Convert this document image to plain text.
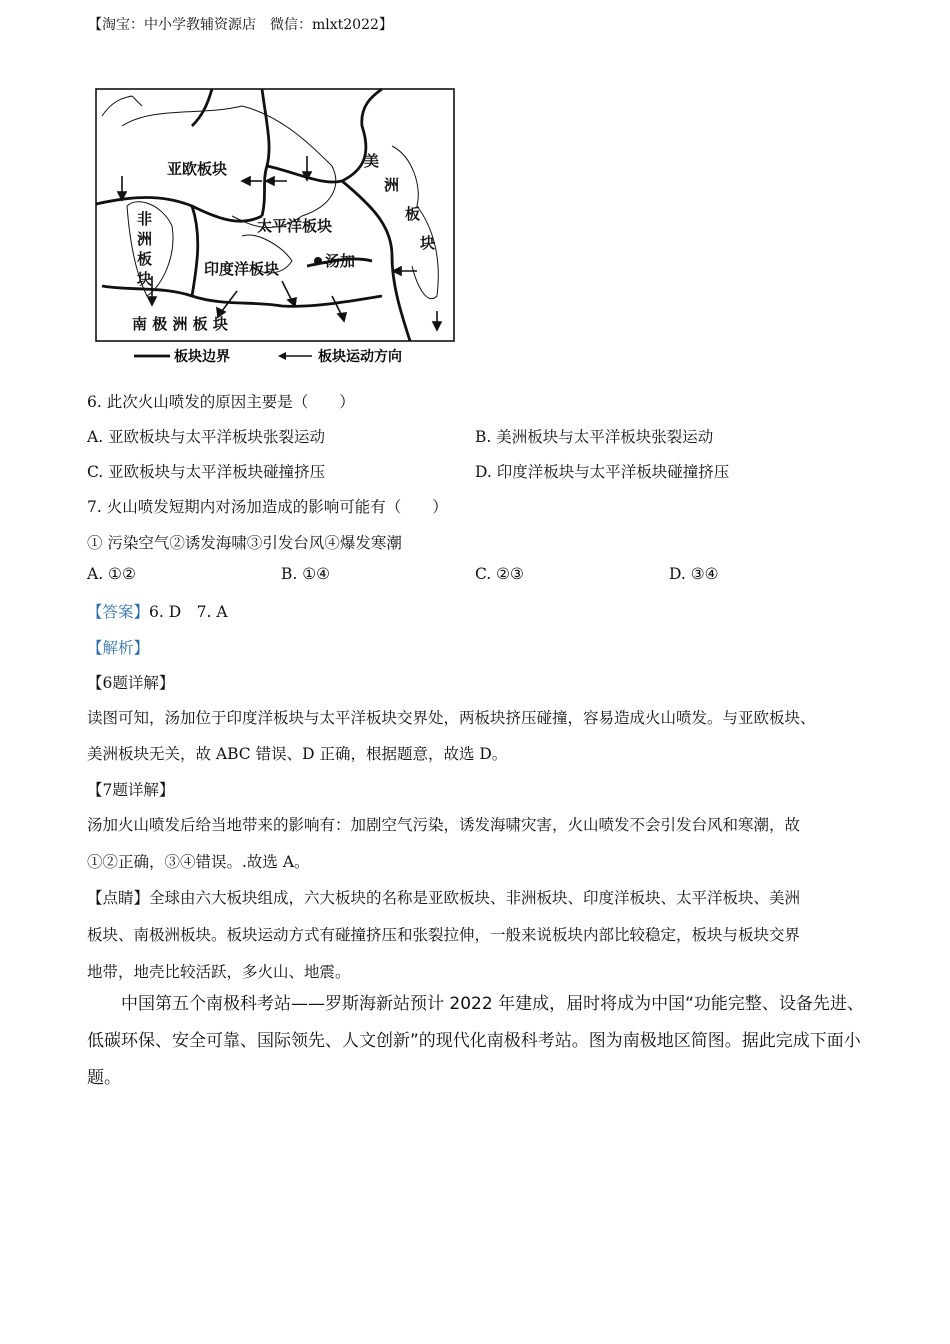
【淘宝：中小学教辅资源店　微信：mlxt2022】
亚欧板块
太平洋板块
印度洋板块	汤加
南 极 洲 板 块
非
洲
板
块
美
洲
板
块
板块边界	板块运动方向
6. 此次火山喷发的原因主要是（　　）
A. 亚欧板块与太平洋板块张裂运动	B. 美洲板块与太平洋板块张裂运动
C. 亚欧板块与太平洋板块碰撞挤压	D. 印度洋板块与太平洋板块碰撞挤压
7. 火山喷发短期内对汤加造成的影响可能有（　　）
① 污染空气②诱发海啸③引发台风④爆发寒潮
A. ①②	B. ①④	C. ②③	D. ③④
【答案】6. D　7. A
【解析】
【6题详解】
读图可知，汤加位于印度洋板块与太平洋板块交界处，两板块挤压碰撞，容易造成火山喷发。与亚欧板块、
美洲板块无关，故 ABC 错误、D 正确，根据题意，故选 D。
【7题详解】
汤加火山喷发后给当地带来的影响有：加剧空气污染，诱发海啸灾害，火山喷发不会引发台风和寒潮，故
①②正确，③④错误。.故选 A。
【点睛】全球由六大板块组成，六大板块的名称是亚欧板块、非洲板块、印度洋板块、太平洋板块、美洲
板块、南极洲板块。板块运动方式有碰撞挤压和张裂拉伸，一般来说板块内部比较稳定，板块与板块交界
地带，地壳比较活跃，多火山、地震。
　　中国第五个南极科考站——罗斯海新站预计 2022 年建成，届时将成为中国“功能完整、设备先进、
低碳环保、安全可靠、国际领先、人文创新”的现代化南极科考站。图为南极地区简图。据此完成下面小
题。
